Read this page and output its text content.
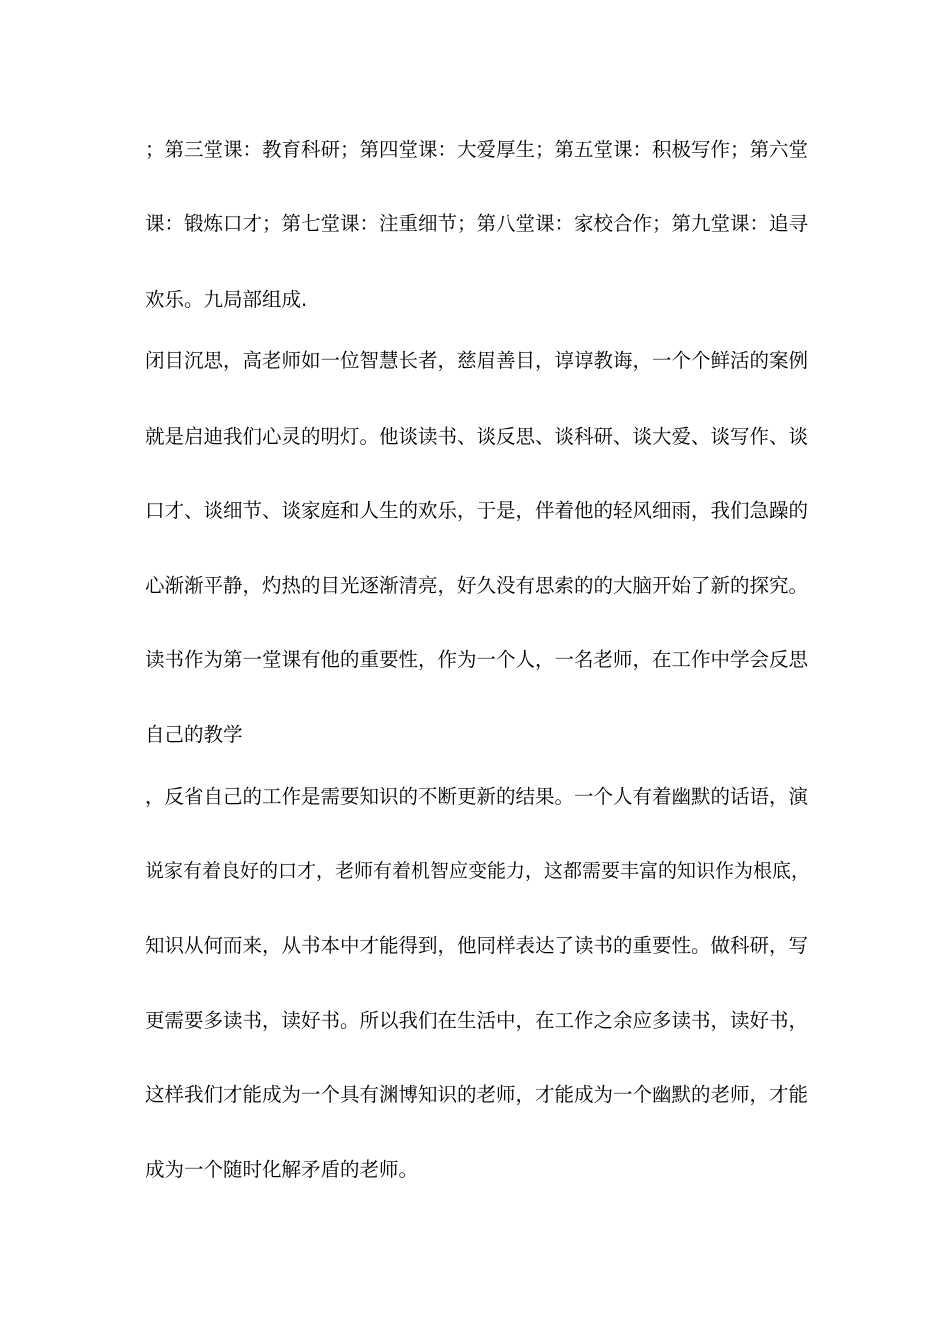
；第三堂课：教育科研；第四堂课：大爱厚生；第五堂课：积极写作；第六堂
课：锻炼口才；第七堂课：注重细节；第八堂课：家校合作；第九堂课：追寻
欢乐。九局部组成.
闭目沉思，高老师如一位智慧长者，慈眉善目，谆谆教诲，一个个鲜活的案例
就是启迪我们心灵的明灯。他谈读书、谈反思、谈科研、谈大爱、谈写作、谈
口才、谈细节、谈家庭和人生的欢乐，于是，伴着他的轻风细雨，我们急躁的
心渐渐平静，灼热的目光逐渐清亮，好久没有思索的的大脑开始了新的探究。
读书作为第一堂课有他的重要性，作为一个人，一名老师，在工作中学会反思
自己的教学
，反省自己的工作是需要知识的不断更新的结果。一个人有着幽默的话语，演
说家有着良好的口才，老师有着机智应变能力，这都需要丰富的知识作为根底，
知识从何而来，从书本中才能得到，他同样表达了读书的重要性。做科研，写
更需要多读书，读好书。所以我们在生活中，在工作之余应多读书，读好书，
这样我们才能成为一个具有渊博知识的老师，才能成为一个幽默的老师，才能
成为一个随时化解矛盾的老师。
